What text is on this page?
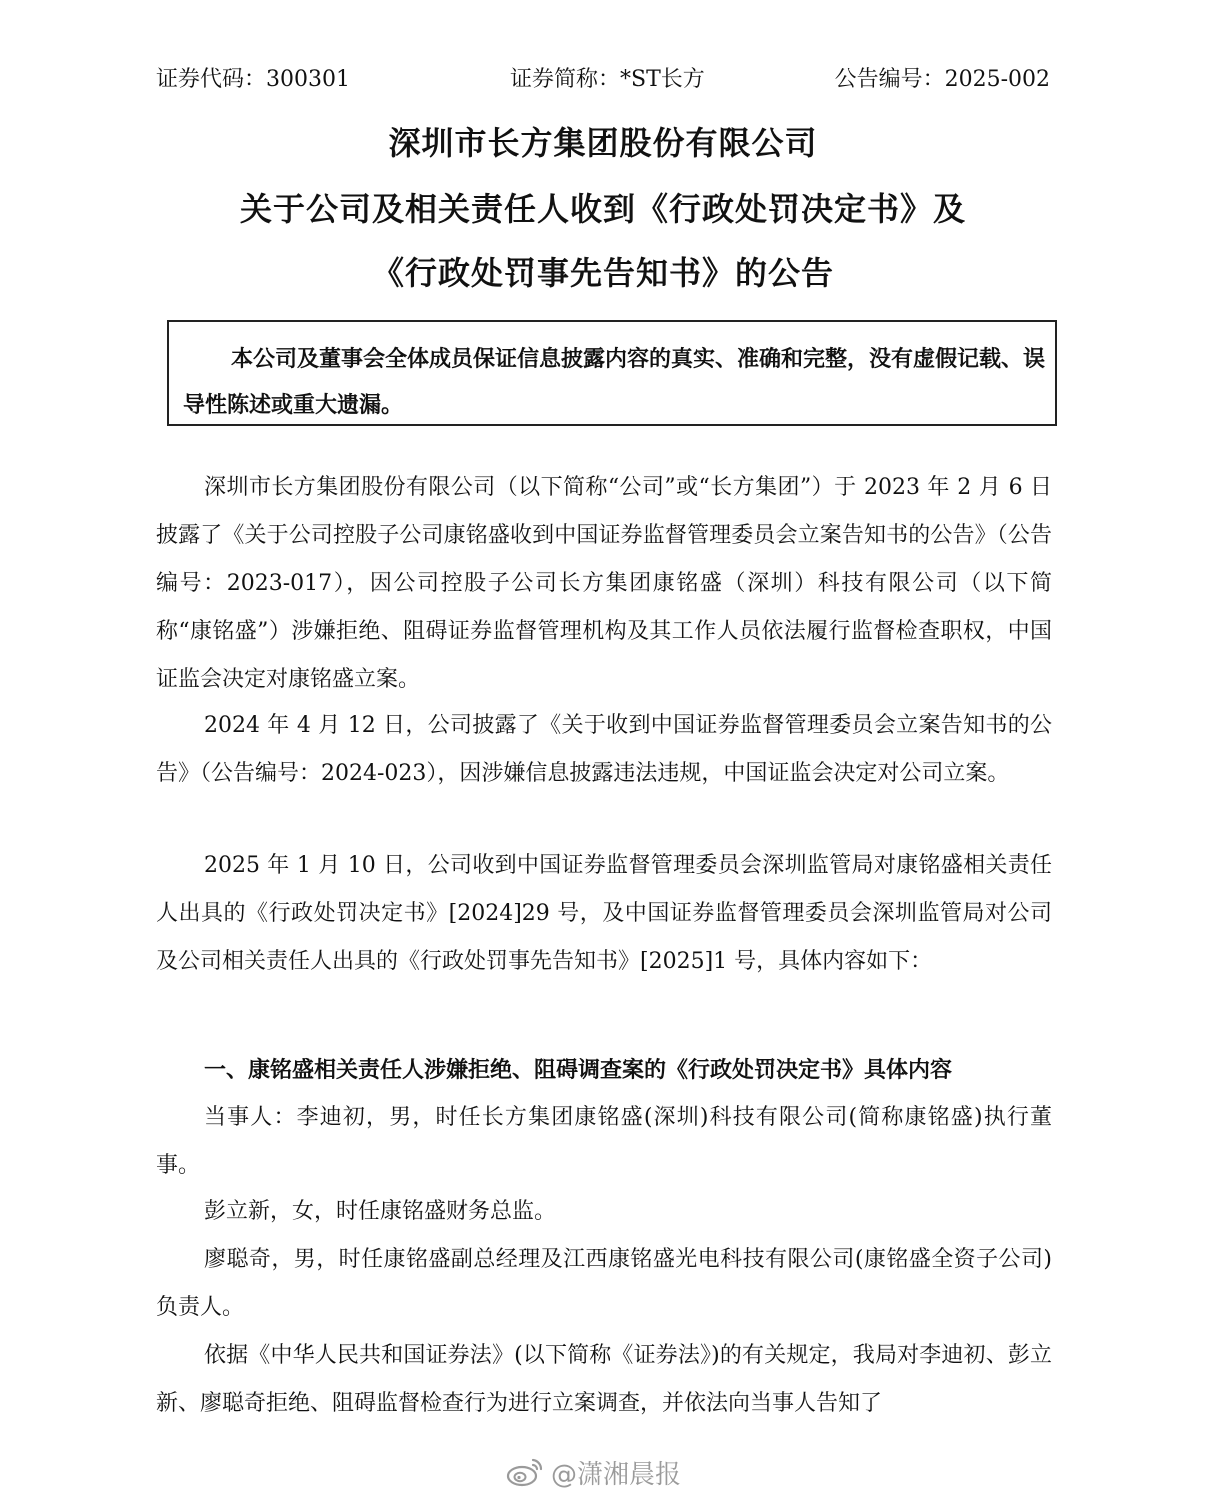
证券代码：300301	证券简称：*ST长方	公告编号：2025-002
深圳市长方集团股份有限公司
关于公司及相关责任人收到《行政处罚决定书》及
《行政处罚事先告知书》的公告
本公司及董事会全体成员保证信息披露内容的真实、准确和完整，没有虚假记载、误导性陈述或重大遗漏。
深圳市长方集团股份有限公司（以下简称“公司”或“长方集团”）于 2023 年 2 月 6 日披露了《关于公司控股子公司康铭盛收到中国证券监督管理委员会立案告知书的公告》（公告编号：2023-017），因公司控股子公司长方集团康铭盛（深圳）科技有限公司（以下简称“康铭盛”）涉嫌拒绝、阻碍证券监督管理机构及其工作人员依法履行监督检查职权，中国证监会决定对康铭盛立案。
2024 年 4 月 12 日，公司披露了《关于收到中国证券监督管理委员会立案告知书的公告》（公告编号：2024-023），因涉嫌信息披露违法违规，中国证监会决定对公司立案。
2025 年 1 月 10 日，公司收到中国证券监督管理委员会深圳监管局对康铭盛相关责任人出具的《行政处罚决定书》[2024]29 号，及中国证券监督管理委员会深圳监管局对公司及公司相关责任人出具的《行政处罚事先告知书》[2025]1 号，具体内容如下：
一、康铭盛相关责任人涉嫌拒绝、阻碍调查案的《行政处罚决定书》具体内容
当事人：李迪初，男，时任长方集团康铭盛(深圳)科技有限公司(简称康铭盛)执行董事。
彭立新，女，时任康铭盛财务总监。
廖聪奇，男，时任康铭盛副总经理及江西康铭盛光电科技有限公司(康铭盛全资子公司)负责人。
依据《中华人民共和国证券法》(以下简称《证券法》)的有关规定，我局对李迪初、彭立新、廖聪奇拒绝、阻碍监督检查行为进行立案调查，并依法向当事人告知了
@潇湘晨报
